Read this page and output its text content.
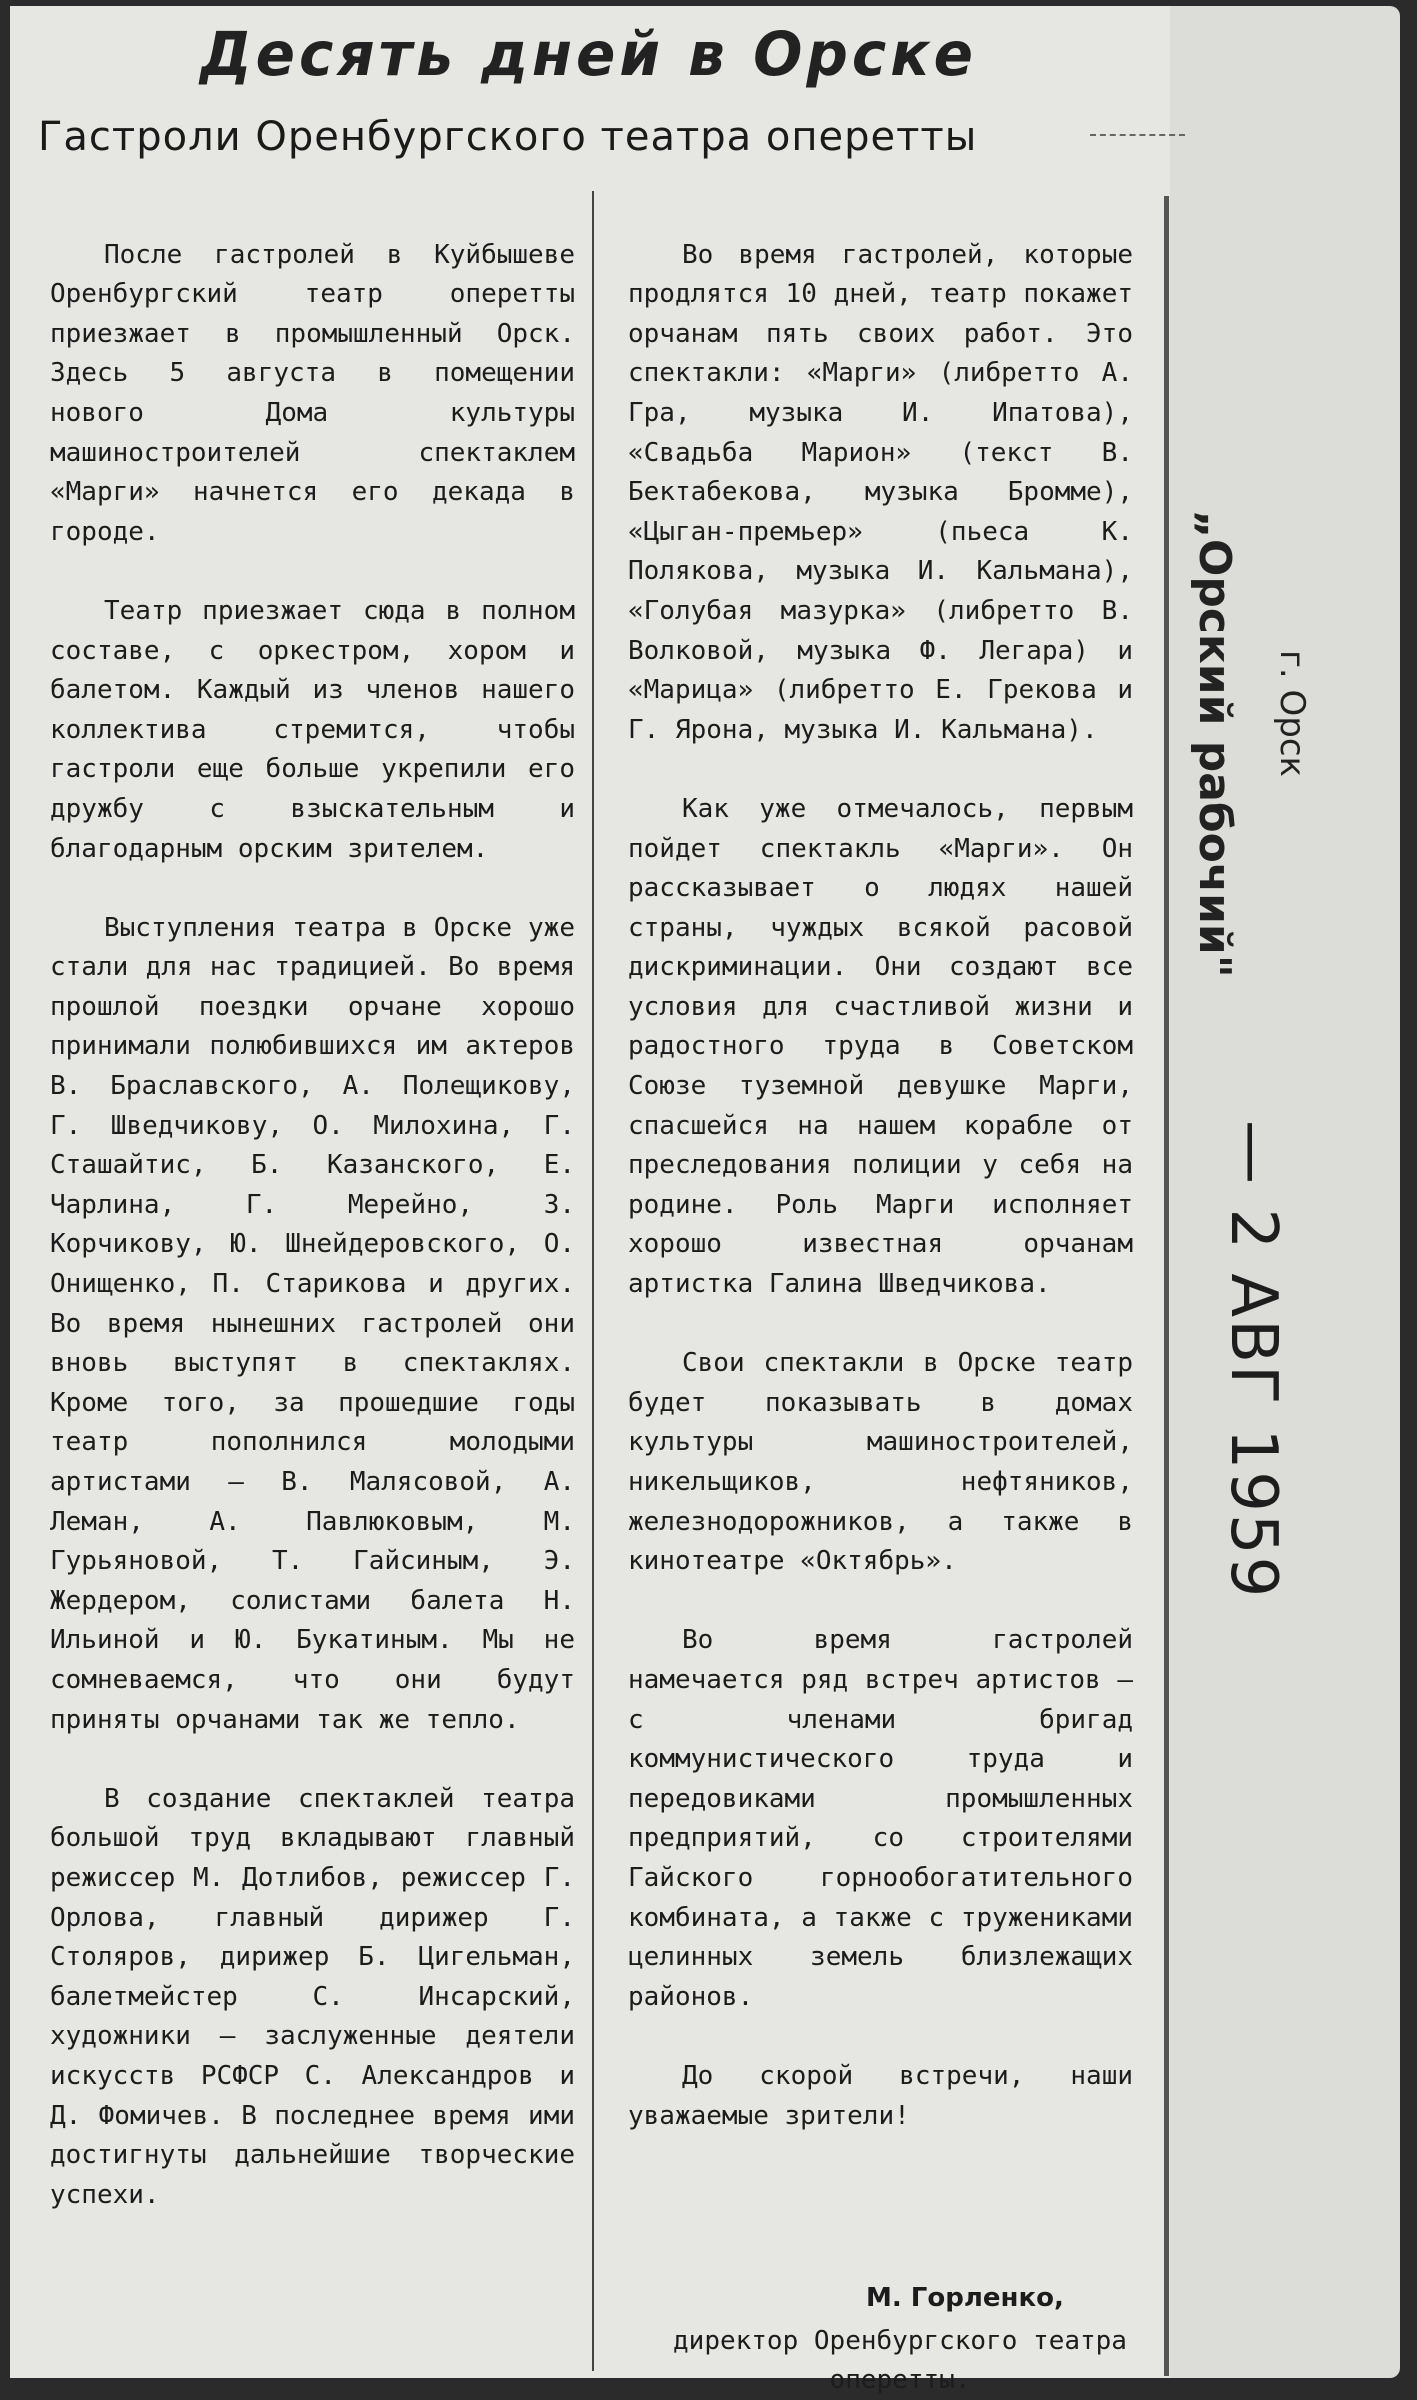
Десять дней в Орске
Гастроли Оренбургского театра оперетты

После гастролей в Куйбышеве Оренбургский театр оперетты приезжает в промышленный Орск. Здесь 5 августа в помещении нового Дома культуры машиностроителей спектаклем «Марги» начнется его декада в городе.

Театр приезжает сюда в полном составе, с оркестром, хором и балетом. Каждый из членов нашего коллектива стремится, чтобы гастроли еще больше укрепили его дружбу с взыскательным и благодарным орским зрителем.

Выступления театра в Орске уже стали для нас традицией. Во время прошлой поездки орчане хорошо принимали полюбившихся им актеров В. Браславского, А. Полещикову, Г. Шведчикову, О. Милохина, Г. Сташайтис, Б. Казанского, Е. Чарлина, Г. Мерейно, З. Корчикову, Ю. Шнейдеровского, О. Онищенко, П. Старикова и других. Во время нынешних гастролей они вновь выступят в спектаклях. Кроме того, за прошедшие годы театр пополнился молодыми артистами — В. Малясовой, А. Леман, А. Павлюковым, М. Гурьяновой, Т. Гайсиным, Э. Жердером, солистами балета Н. Ильиной и Ю. Букатиным. Мы не сомневаемся, что они будут приняты орчанами так же тепло.

В создание спектаклей театра большой труд вкладывают главный режиссер М. Дотлибов, режиссер Г. Орлова, главный дирижер Г. Столяров, дирижер Б. Цигельман, балетмейстер С. Инсарский, художники — заслуженные деятели искусств РСФСР С. Александров и Д. Фомичев. В последнее время ими достигнуты дальнейшие творческие успехи.

Во время гастролей, которые продлятся 10 дней, театр покажет орчанам пять своих работ. Это спектакли: «Марги» (либретто А. Гра, музыка И. Ипатова), «Свадьба Марион» (текст В. Бектабекова, музыка Бромме), «Цыган-премьер» (пьеса К. Полякова, музыка И. Кальмана), «Голубая мазурка» (либретто В. Волковой, музыка Ф. Легара) и «Марица» (либретто Е. Грекова и Г. Ярона, музыка И. Кальмана).

Как уже отмечалось, первым пойдет спектакль «Марги». Он рассказывает о людях нашей страны, чуждых всякой расовой дискриминации. Они создают все условия для счастливой жизни и радостного труда в Советском Союзе туземной девушке Марги, спасшейся на нашем корабле от преследования полиции у себя на родине. Роль Марги исполняет хорошо известная орчанам артистка Галина Шведчикова.

Свои спектакли в Орске театр будет показывать в домах культуры машиностроителей, никельщиков, нефтяников, железнодорожников, а также в кинотеатре «Октябрь».

Во время гастролей намечается ряд встреч артистов — с членами бригад коммунистического труда и передовиками промышленных предприятий, со строителями Гайского горнообогатительного комбината, а также с тружениками целинных земель близлежащих районов.

До скорой встречи, наши уважаемые зрители!

М. Горленко,
директор Оренбургского театра оперетты.
„Орский рабочий" г. Орск
— 2 АВГ 1959
